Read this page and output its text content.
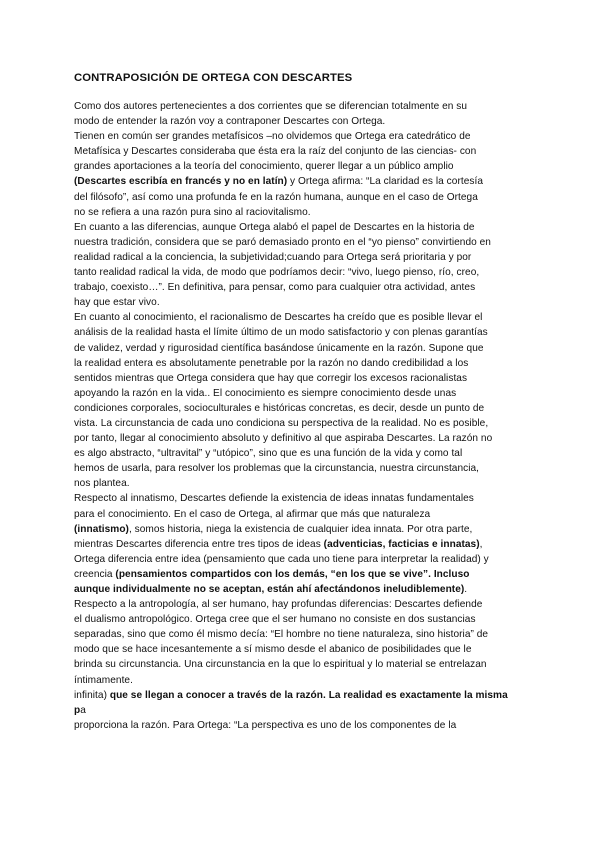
CONTRAPOSICIÓN DE ORTEGA CON DESCARTES
Como dos autores pertenecientes a dos corrientes que se diferencian totalmente en su
modo de entender la razón voy a contraponer Descartes con Ortega.
Tienen en común ser grandes metafísicos –no olvidemos que Ortega era catedrático de
Metafísica y Descartes consideraba que ésta era la raíz del conjunto de las ciencias- con
grandes aportaciones a la teoría del conocimiento, querer llegar a un público amplio
(Descartes escribía en francés y no en latín) y Ortega afirma: “La claridad es la cortesía
del filósofo”, así como una profunda fe en la razón humana, aunque en el caso de Ortega
no se refiera a una razón pura sino al raciovitalismo.
En cuanto a las diferencias, aunque Ortega alabó el papel de Descartes en la historia de
nuestra tradición, considera que se paró demasiado pronto en el “yo pienso” convirtiendo en
realidad radical a la conciencia, la subjetividad;cuando para Ortega será prioritaria y por
tanto realidad radical la vida, de modo que podríamos decir: “vivo, luego pienso, río, creo,
trabajo, coexisto…”. En definitiva, para pensar, como para cualquier otra actividad, antes
hay que estar vivo.
En cuanto al conocimiento, el racionalismo de Descartes ha creído que es posible llevar el
análisis de la realidad hasta el límite último de un modo satisfactorio y con plenas garantías
de validez, verdad y rigurosidad científica basándose únicamente en la razón. Supone que
la realidad entera es absolutamente penetrable por la razón no dando credibilidad a los
sentidos mientras que Ortega considera que hay que corregir los excesos racionalistas
apoyando la razón en la vida.. El conocimiento es siempre conocimiento desde unas
condiciones corporales, socioculturales e históricas concretas, es decir, desde un punto de
vista. La circunstancia de cada uno condiciona su perspectiva de la realidad. No es posible,
por tanto, llegar al conocimiento absoluto y definitivo al que aspiraba Descartes. La razón no
es algo abstracto, “ultravital” y “utópico”, sino que es una función de la vida y como tal
hemos de usarla, para resolver los problemas que la circunstancia, nuestra circunstancia,
nos plantea.
Respecto al innatismo, Descartes defiende la existencia de ideas innatas fundamentales
para el conocimiento. En el caso de Ortega, al afirmar que más que naturaleza
(innatismo), somos historia, niega la existencia de cualquier idea innata. Por otra parte,
mientras Descartes diferencia entre tres tipos de ideas (adventicias, facticias e innatas),
Ortega diferencia entre idea (pensamiento que cada uno tiene para interpretar la realidad) y
creencia (pensamientos compartidos con los demás, “en los que se vive”. Incluso
aunque individualmente no se aceptan, están ahí afectándonos ineludiblemente).
Respecto a la antropología, al ser humano, hay profundas diferencias: Descartes defiende
el dualismo antropológico. Ortega cree que el ser humano no consiste en dos sustancias
separadas, sino que como él mismo decía: “El hombre no tiene naturaleza, sino historia” de
modo que se hace incesantemente a sí mismo desde el abanico de posibilidades que le
brinda su circunstancia. Una circunstancia en la que lo espiritual y lo material se entrelazan
íntimamente.
infinita) que se llegan a conocer a través de la razón. La realidad es exactamente la misma
pa
proporciona la razón. Para Ortega: “La perspectiva es uno de los componentes de la
